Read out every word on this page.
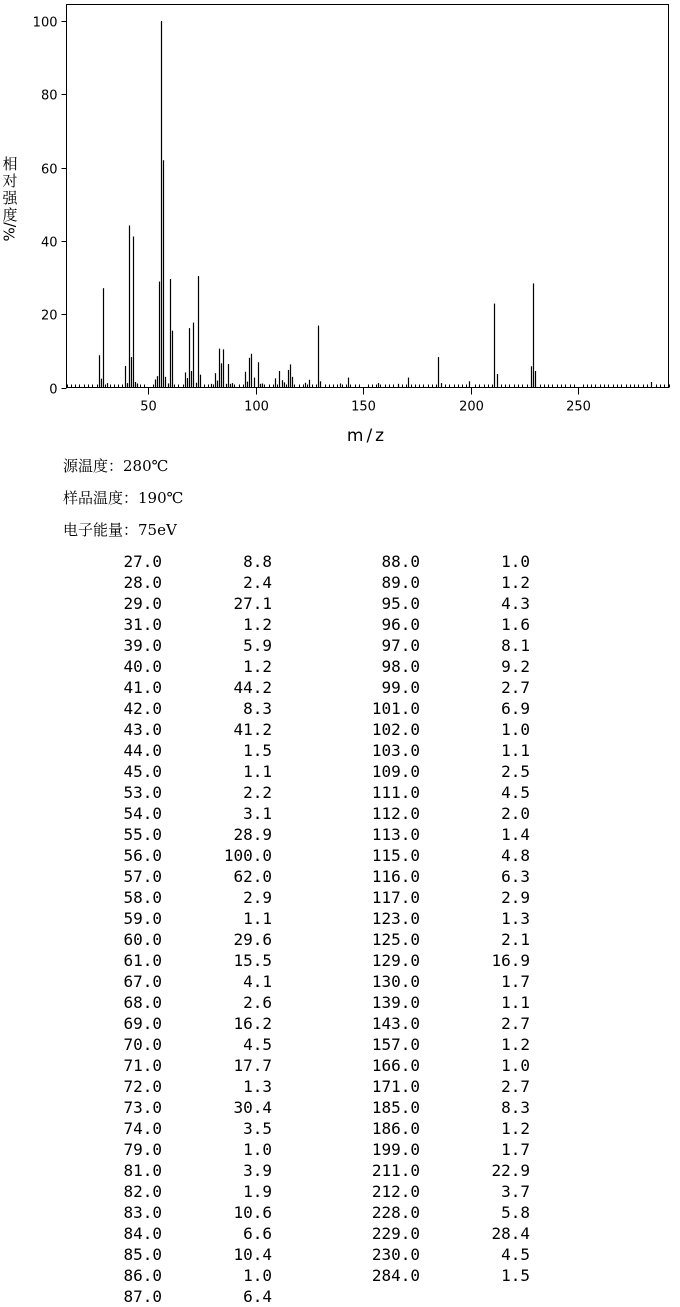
0
20
40
60
80
100
50	100	150	200	250
m/z
相
对
强
度
%/
源温度：280℃
样品温度：190℃
电子能量：75eV
27.0	8.8
28.0	2.4
29.0	27.1
31.0	1.2
39.0	5.9
40.0	1.2
41.0	44.2
42.0	8.3
43.0	41.2
44.0	1.5
45.0	1.1
53.0	2.2
54.0	3.1
55.0	28.9
56.0	100.0
57.0	62.0
58.0	2.9
59.0	1.1
60.0	29.6
61.0	15.5
67.0	4.1
68.0	2.6
69.0	16.2
70.0	4.5
71.0	17.7
72.0	1.3
73.0	30.4
74.0	3.5
79.0	1.0
81.0	3.9
82.0	1.9
83.0	10.6
84.0	6.6
85.0	10.4
86.0	1.0
87.0	6.4
88.0	1.0
89.0	1.2
95.0	4.3
96.0	1.6
97.0	8.1
98.0	9.2
99.0	2.7
101.0	6.9
102.0	1.0
103.0	1.1
109.0	2.5
111.0	4.5
112.0	2.0
113.0	1.4
115.0	4.8
116.0	6.3
117.0	2.9
123.0	1.3
125.0	2.1
129.0	16.9
130.0	1.7
139.0	1.1
143.0	2.7
157.0	1.2
166.0	1.0
171.0	2.7
185.0	8.3
186.0	1.2
199.0	1.7
211.0	22.9
212.0	3.7
228.0	5.8
229.0	28.4
230.0	4.5
284.0	1.5
